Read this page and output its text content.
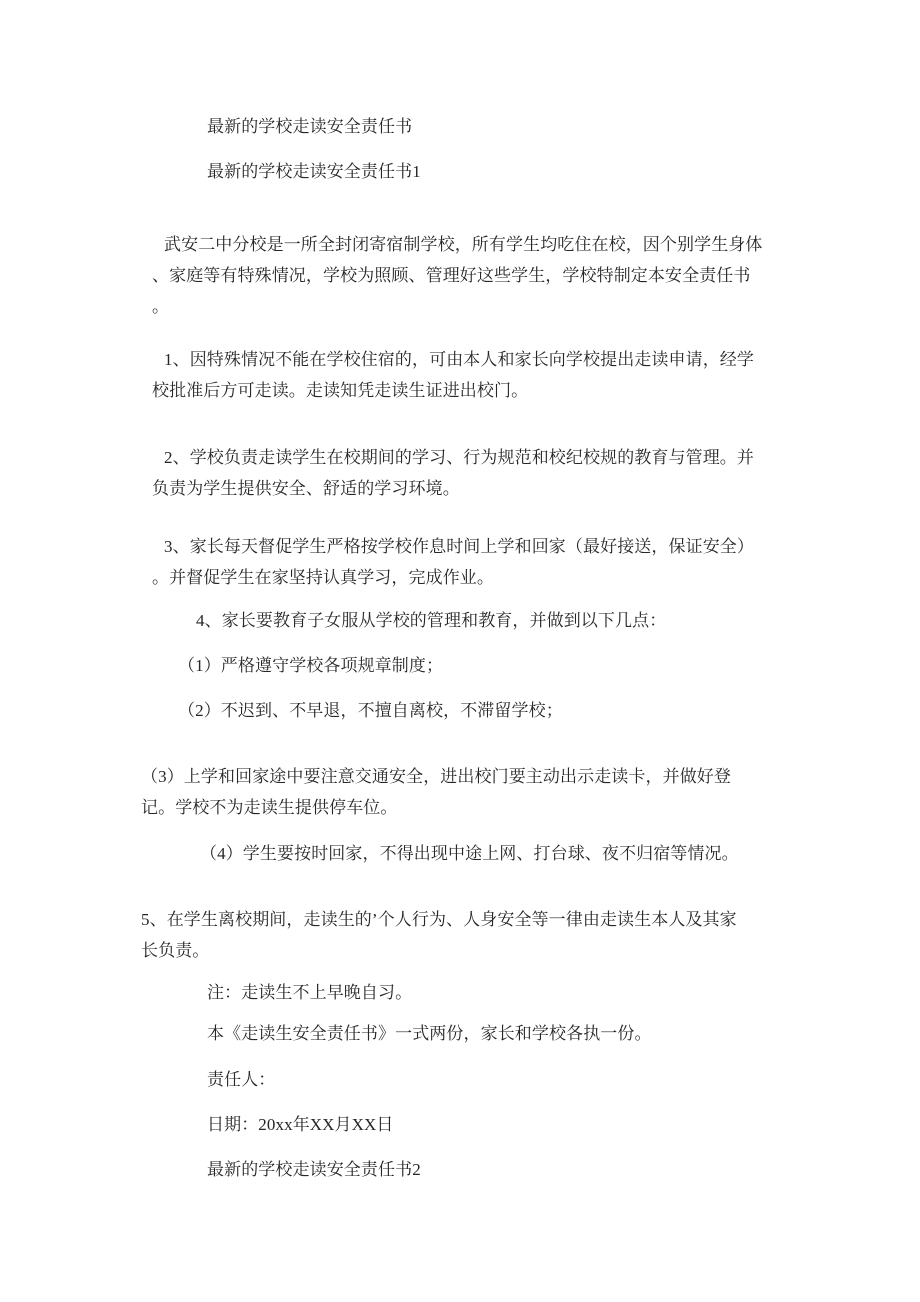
最新的学校走读安全责任书
最新的学校走读安全责任书1
武安二中分校是一所全封闭寄宿制学校，所有学生均吃住在校，因个别学生身体
、家庭等有特殊情况，学校为照顾、管理好这些学生，学校特制定本安全责任书
。
1、因特殊情况不能在学校住宿的，可由本人和家长向学校提出走读申请，经学
校批准后方可走读。走读知凭走读生证进出校门。
2、学校负责走读学生在校期间的学习、行为规范和校纪校规的教育与管理。并
负责为学生提供安全、舒适的学习环境。
3、家长每天督促学生严格按学校作息时间上学和回家（最好接送，保证安全）
。并督促学生在家坚持认真学习，完成作业。
4、家长要教育子女服从学校的管理和教育，并做到以下几点：
（1）严格遵守学校各项规章制度；
（2）不迟到、不早退，不擅自离校，不滞留学校；
（3）上学和回家途中要注意交通安全，进出校门要主动出示走读卡，并做好登
记。学校不为走读生提供停车位。
（4）学生要按时回家，不得出现中途上网、打台球、夜不归宿等情况。
5、在学生离校期间，走读生的’个人行为、人身安全等一律由走读生本人及其家
长负责。
注：走读生不上早晚自习。
本《走读生安全责任书》一式两份，家长和学校各执一份。
责任人：
日期：20xx年XX月XX日
最新的学校走读安全责任书2
